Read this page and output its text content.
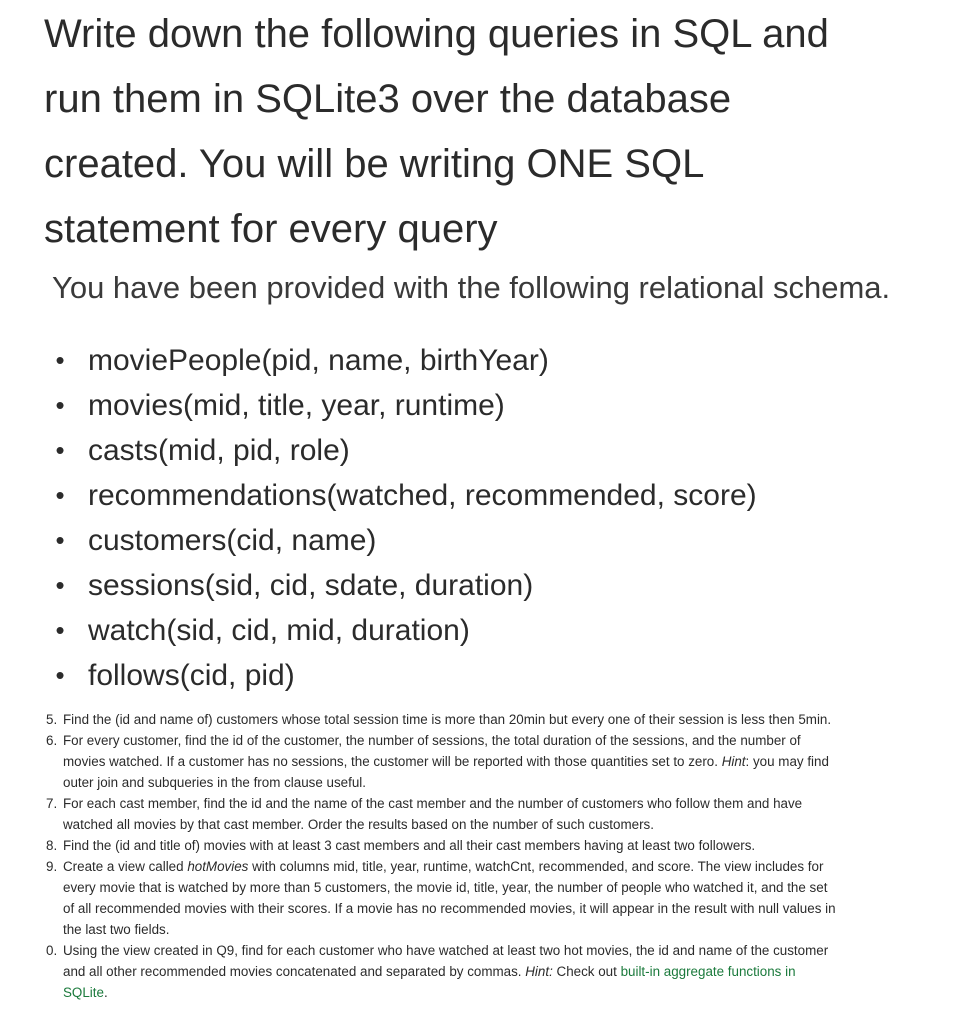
Write down the following queries in SQL and
run them in SQLite3 over the database
created. You will be writing ONE SQL
statement for every query

You have been provided with the following relational schema.

• moviePeople(pid, name, birthYear)
• movies(mid, title, year, runtime)
• casts(mid, pid, role)
• recommendations(watched, recommended, score)
• customers(cid, name)
• sessions(sid, cid, sdate, duration)
• watch(sid, cid, mid, duration)
• follows(cid, pid)
5. Find the (id and name of) customers whose total session time is more than 20min but every one of their session is less then 5min.
6. For every customer, find the id of the customer, the number of sessions, the total duration of the sessions, and the number of
movies watched. If a customer has no sessions, the customer will be reported with those quantities set to zero. Hint: you may find
outer join and subqueries in the from clause useful.
7. For each cast member, find the id and the name of the cast member and the number of customers who follow them and have
watched all movies by that cast member. Order the results based on the number of such customers.
8. Find the (id and title of) movies with at least 3 cast members and all their cast members having at least two followers.
9. Create a view called hotMovies with columns mid, title, year, runtime, watchCnt, recommended, and score. The view includes for
every movie that is watched by more than 5 customers, the movie id, title, year, the number of people who watched it, and the set
of all recommended movies with their scores. If a movie has no recommended movies, it will appear in the result with null values in
the last two fields.
0. Using the view created in Q9, find for each customer who have watched at least two hot movies, the id and name of the customer
and all other recommended movies concatenated and separated by commas. Hint: Check out built-in aggregate functions in
SQLite.
